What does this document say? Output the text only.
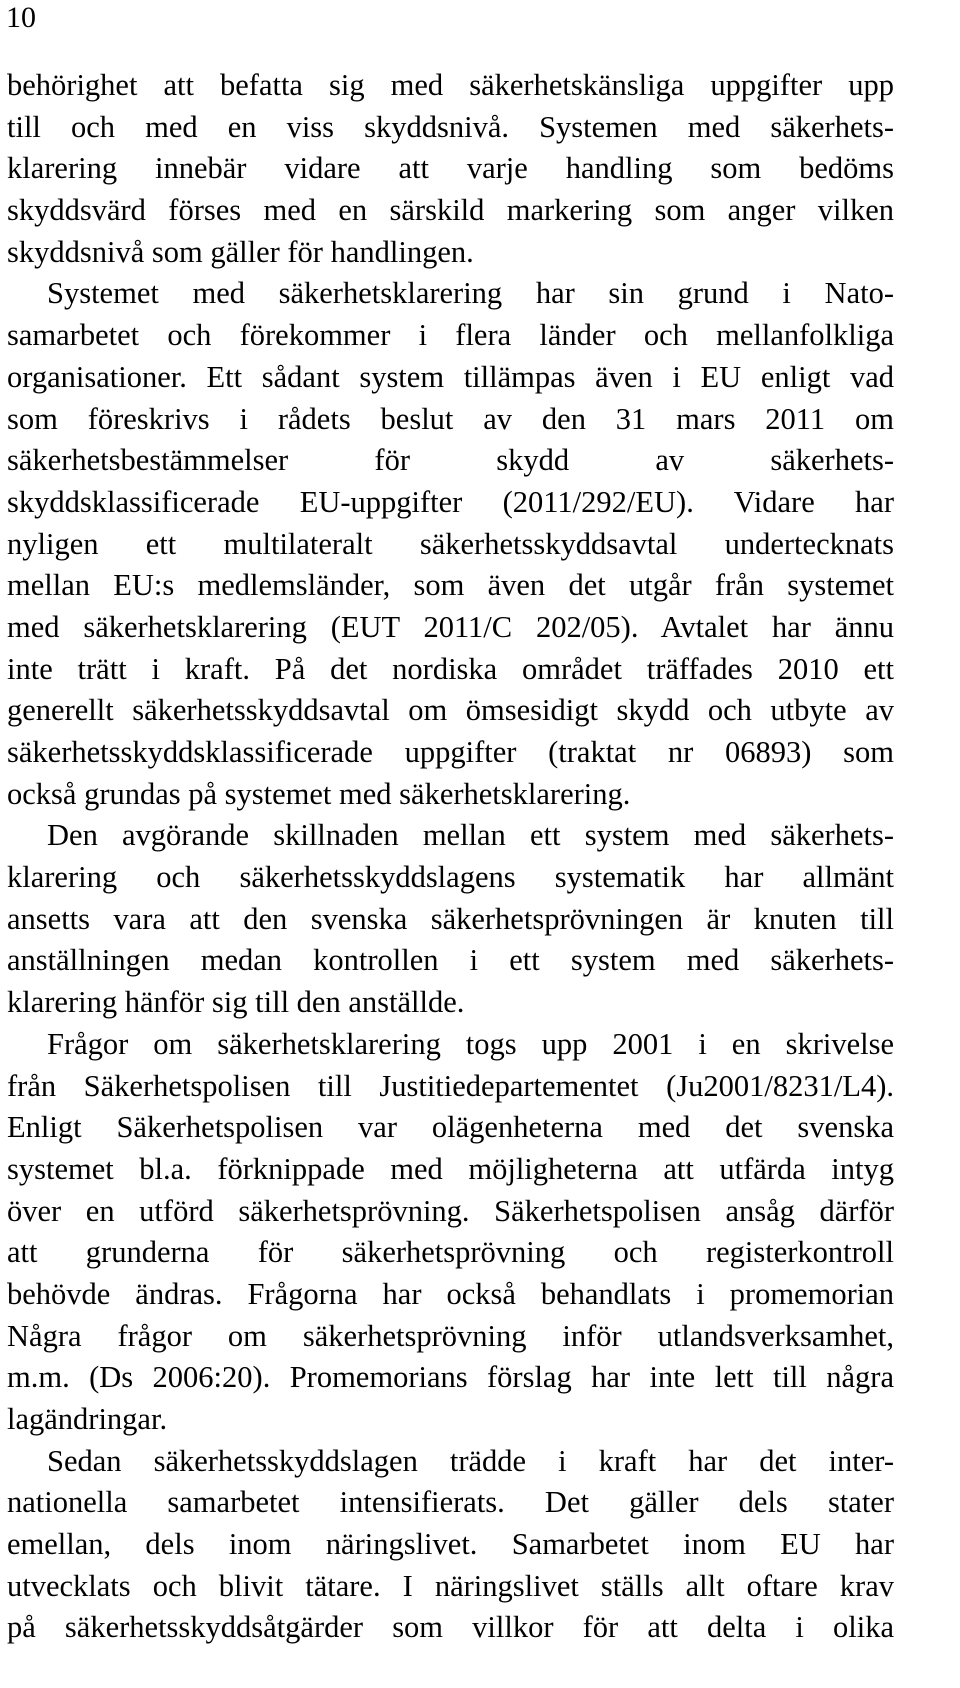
10
behörighet att befatta sig med säkerhetskänsliga uppgifter upp
till och med en viss skyddsnivå. Systemen med säkerhets-
klarering innebär vidare att varje handling som bedöms
skyddsvärd förses med en särskild markering som anger vilken
skyddsnivå som gäller för handlingen.
Systemet med säkerhetsklarering har sin grund i Nato-
samarbetet och förekommer i flera länder och mellanfolkliga
organisationer. Ett sådant system tillämpas även i EU enligt vad
som föreskrivs i rådets beslut av den 31 mars 2011 om
säkerhetsbestämmelser för skydd av säkerhets-
skyddsklassificerade EU-uppgifter (2011/292/EU). Vidare har
nyligen ett multilateralt säkerhetsskyddsavtal undertecknats
mellan EU:s medlemsländer, som även det utgår från systemet
med säkerhetsklarering (EUT 2011/C 202/05). Avtalet har ännu
inte trätt i kraft. På det nordiska området träffades 2010 ett
generellt säkerhetsskyddsavtal om ömsesidigt skydd och utbyte av
säkerhetsskyddsklassificerade uppgifter (traktat nr 06893) som
också grundas på systemet med säkerhetsklarering.
Den avgörande skillnaden mellan ett system med säkerhets-
klarering och säkerhetsskyddslagens systematik har allmänt
ansetts vara att den svenska säkerhetsprövningen är knuten till
anställningen medan kontrollen i ett system med säkerhets-
klarering hänför sig till den anställde.
Frågor om säkerhetsklarering togs upp 2001 i en skrivelse
från Säkerhetspolisen till Justitiedepartementet (Ju2001/8231/L4).
Enligt Säkerhetspolisen var olägenheterna med det svenska
systemet bl.a. förknippade med möjligheterna att utfärda intyg
över en utförd säkerhetsprövning. Säkerhetspolisen ansåg därför
att grunderna för säkerhetsprövning och registerkontroll
behövde ändras. Frågorna har också behandlats i promemorian
Några frågor om säkerhetsprövning inför utlandsverksamhet,
m.m. (Ds 2006:20). Promemorians förslag har inte lett till några
lagändringar.
Sedan säkerhetsskyddslagen trädde i kraft har det inter-
nationella samarbetet intensifierats. Det gäller dels stater
emellan, dels inom näringslivet. Samarbetet inom EU har
utvecklats och blivit tätare. I näringslivet ställs allt oftare krav
på säkerhetsskyddsåtgärder som villkor för att delta i olika
